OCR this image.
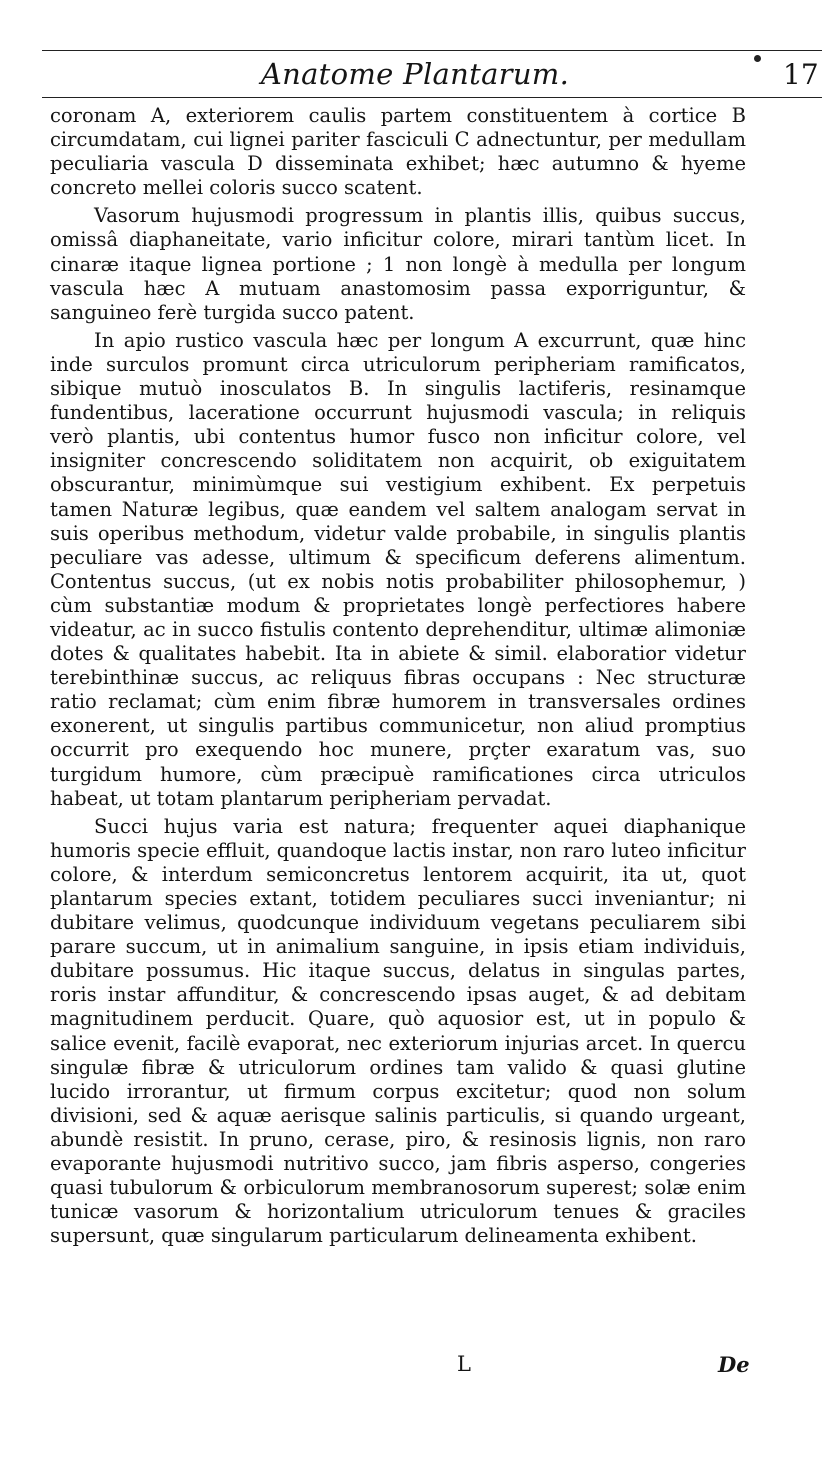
Anatome Plantarum.	17

coronam A, exteriorem caulis partem constituentem à cortice B circumdatam, cui lignei pariter fasciculi C adnectuntur, per medullam peculiaria vascula D disseminata exhibet; hæc autumno & hyeme concreto mellei coloris succo scatent.

Vasorum hujusmodi progressum in plantis illis, quibus succus, omissâ diaphaneitate, vario inficitur colore, mirari tantùm licet. In cinaræ itaque lignea portione ; 1 non longè à medulla per longum vascula hæc A mutuam anastomosim passa exporriguntur, & sanguineo ferè turgida succo patent.

In apio rustico vascula hæc per longum A excurrunt, quæ hinc inde surculos promunt circa utriculorum peripheriam ramificatos, sibique mutuò inosculatos B. In singulis lactiferis, resinamque fundentibus, laceratione occurrunt hujusmodi vascula; in reliquis verò plantis, ubi contentus humor fusco non inficitur colore, vel insigniter concrescendo soliditatem non acquirit, ob exiguitatem obscurantur, minimùmque sui vestigium exhibent. Ex perpetuis tamen Naturæ legibus, quæ eandem vel saltem analogam servat in suis operibus methodum, videtur valde probabile, in singulis plantis peculiare vas adesse, ultimum & specificum deferens alimentum. Contentus succus, (ut ex nobis notis probabiliter philosophemur, ) cùm substantiæ modum & proprietates longè perfectiores habere videatur, ac in succo fistulis contento deprehenditur, ultimæ alimoniæ dotes & qualitates habebit. Ita in abiete & simil. elaboratior videtur terebinthinæ succus, ac reliquus fibras occupans : Nec structuræ ratio reclamat; cùm enim fibræ humorem in transversales ordines exonerent, ut singulis partibus communicetur, non aliud promptius occurrit pro exequendo hoc munere, prçter exaratum vas, suo turgidum humore, cùm præcipuè ramificationes circa utriculos habeat, ut totam plantarum peripheriam pervadat.

Succi hujus varia est natura; frequenter aquei diaphanique humoris specie effluit, quandoque lactis instar, non raro luteo inficitur colore, & interdum semiconcretus lentorem acquirit, ita ut, quot plantarum species extant, totidem peculiares succi inveniantur; ni dubitare velimus, quodcunque individuum vegetans peculiarem sibi parare succum, ut in animalium sanguine, in ipsis etiam individuis, dubitare possumus. Hic itaque succus, delatus in singulas partes, roris instar affunditur, & concrescendo ipsas auget, & ad debitam magnitudinem perducit. Quare, quò aquosior est, ut in populo & salice evenit, facilè evaporat, nec exteriorum injurias arcet. In quercu singulæ fibræ & utriculorum ordines tam valido & quasi glutine lucido irrorantur, ut firmum corpus excitetur; quod non solum divisioni, sed & aquæ aerisque salinis particulis, si quando urgeant, abundè resistit. In pruno, cerase, piro, & resinosis lignis, non raro evaporante hujusmodi nutritivo succo, jam fibris asperso, congeries quasi tubulorum & orbiculorum membranosorum superest; solæ enim tunicæ vasorum & horizontalium utriculorum tenues & graciles supersunt, quæ singularum particularum delineamenta exhibent.

L	De
